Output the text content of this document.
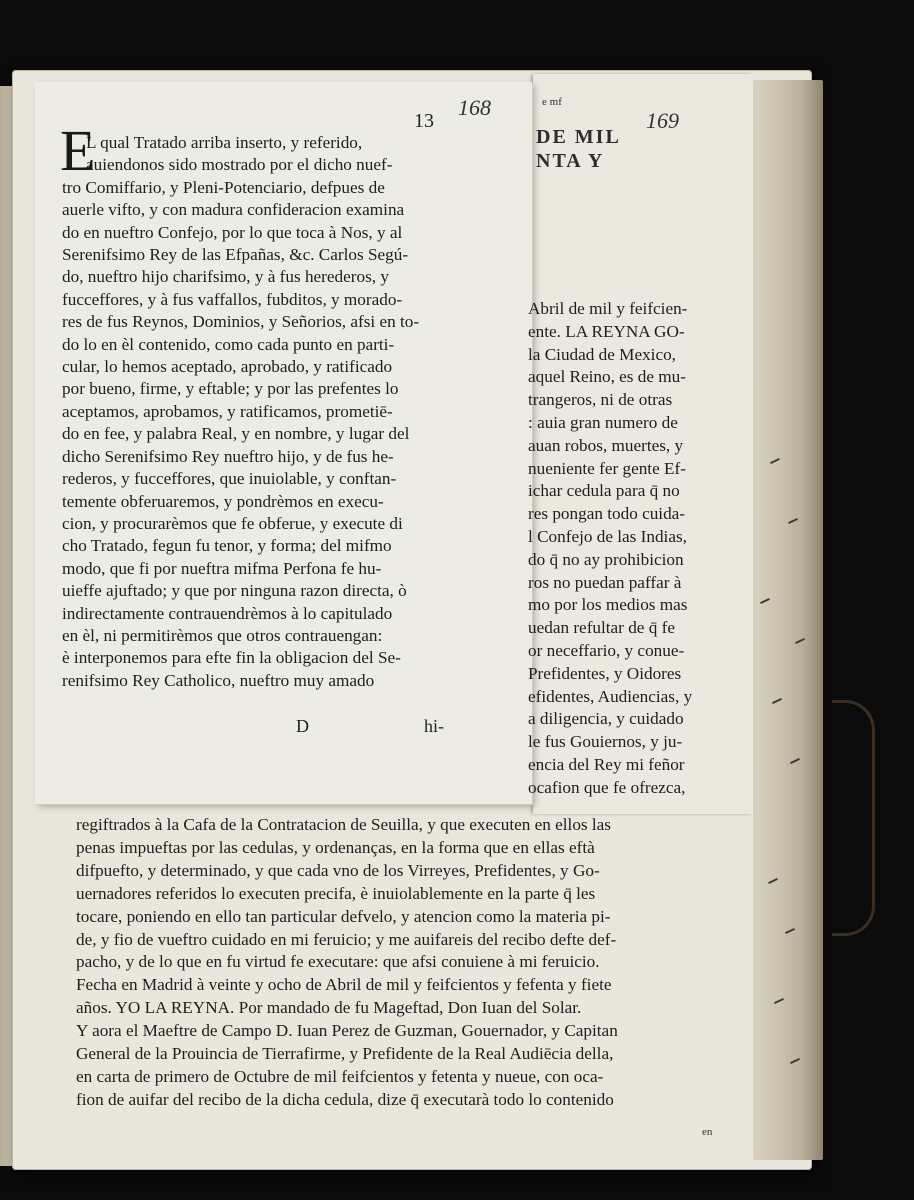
13
168
169
E
L qual Tratado arriba inserto, y referido,
auiendonos sido mostrado por el dicho nuef-
tro Comiffario, y Pleni-Potenciario, defpues de
auerle vifto, y con madura confideracion examina
do en nueftro Confejo, por lo que toca à Nos, y al
Serenifsimo Rey de las Efpañas, &c. Carlos Segú-
do, nueftro hijo charifsimo, y à fus herederos, y
fucceffores, y à fus vaffallos, fubditos, y morado-
res de fus Reynos, Dominios, y Señorios, afsi en to-
do lo en èl contenido, como cada punto en parti-
cular, lo hemos aceptado, aprobado, y ratificado
por bueno, firme, y eftable; y por las prefentes lo
aceptamos, aprobamos, y ratificamos, prometiē-
do en fee, y palabra Real, y en nombre, y lugar del
dicho Serenifsimo Rey nueftro hijo, y de fus he-
rederos, y fucceffores, que inuiolable, y conftan-
temente obferuaremos, y pondrèmos en execu-
cion, y procurarèmos que fe obferue, y execute di
cho Tratado, fegun fu tenor, y forma; del mifmo
modo, que fi por nueftra mifma Perfona fe hu-
uieffe ajuftado; y que por ninguna razon directa, ò
indirectamente contrauendrèmos à lo capitulado
en èl, ni permitirèmos que otros contrauengan:
è interponemos para efte fin la obligacion del Se-
renifsimo Rey Catholico, nueftro muy amado
D	hi-
e mf
DE MIL
NTA Y
Abril de mil y feifcien-
ente. LA REYNA GO-
la Ciudad de Mexico,
aquel Reino, es de mu-
trangeros, ni de otras
: auia gran numero de
auan robos, muertes, y
nueniente fer gente Ef-
ichar cedula para q̄ no
res pongan todo cuida-
l Confejo de las Indias,
do q̄ no ay prohibicion
ros no puedan paffar à
mo por los medios mas
uedan refultar de q̄ fe
or neceffario, y conue-
Prefidentes, y Oidores
efidentes, Audiencias, y
a diligencia, y cuidado
le fus Gouiernos, y ju-
encia del Rey mi feñor
ocafion que fe ofrezca,
regiftrados à la Cafa de la Contratacion de Seuilla, y que executen en ellos las
penas impueftas por las cedulas, y ordenanças, en la forma que en ellas eftà
difpuefto, y determinado, y que cada vno de los Virreyes, Prefidentes, y Go-
uernadores referidos lo executen precifa, è inuiolablemente en la parte q̄ les
tocare, poniendo en ello tan particular defvelo, y atencion como la materia pi-
de, y fio de vueftro cuidado en mi feruicio; y me auifareis del recibo defte def-
pacho, y de lo que en fu virtud fe executare: que afsi conuiene à mi feruicio.
Fecha en Madrid à veinte y ocho de Abril de mil y feifcientos y fefenta y fiete
años. YO LA REYNA. Por mandado de fu Mageftad, Don Iuan del Solar.
Y aora el Maeftre de Campo D. Iuan Perez de Guzman, Gouernador, y Capitan
General de la Prouincia de Tierrafirme, y Prefidente de la Real Audiēcia della,
en carta de primero de Octubre de mil feifcientos y fetenta y nueue, con oca-
fion de auifar del recibo de la dicha cedula, dize q̄ executarà todo lo contenido
en
